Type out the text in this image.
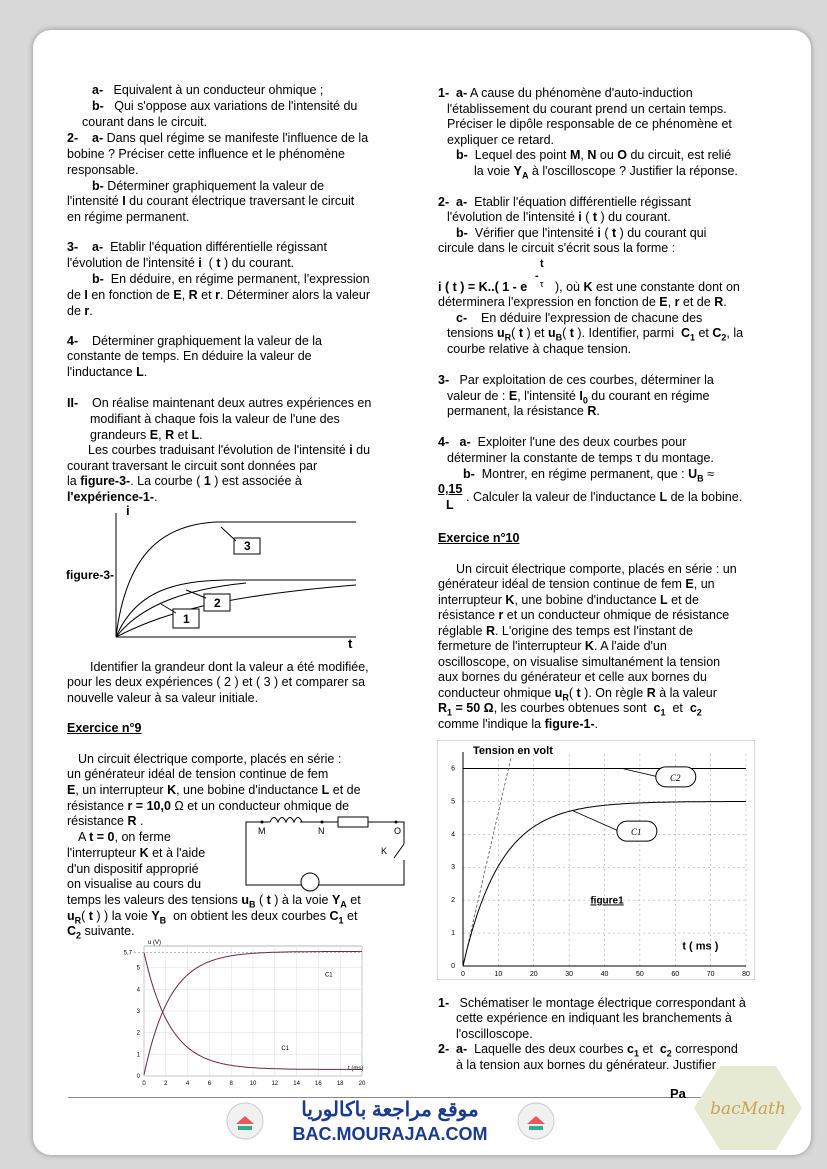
a-   Equivalent à un conducteur ohmique ;
b-   Qui s'oppose aux variations de l'intensité du
courant dans le circuit.
2-    a- Dans quel régime se manifeste l'influence de la
bobine ? Préciser cette influence et le phénomène
responsable.
b- Déterminer graphiquement la valeur de
l'intensité I du courant électrique traversant le circuit
en régime permanent.
3-    a-  Etablir l'équation différentielle régissant
l'évolution de l'intensité i  ( t ) du courant.
b-  En déduire, en régime permanent, l'expression
de I en fonction de E, R et r. Déterminer alors la valeur
de r.
4-    Déterminer graphiquement la valeur de la
constante de temps. En déduire la valeur de
l'inductance L.
II-    On réalise maintenant deux autres expériences en
modifiant à chaque fois la valeur de l'une des
grandeurs E, R et L.
Les courbes traduisant l'évolution de l'intensité i du
courant traversant le circuit sont données par
la figure-3-. La courbe ( 1 ) est associée à
l'expérience-1-.
i
t
figure-3-
3
2
1
Identifier la grandeur dont la valeur a été modifiée,
pour les deux expériences ( 2 ) et ( 3 ) et comparer sa
nouvelle valeur à sa valeur initiale.
Exercice n°9
Un circuit électrique comporte, placés en série :
un générateur idéal de tension continue de fem
E, un interrupteur K, une bobine d'inductance L et de
résistance r = 10,0 Ω et un conducteur ohmique de
résistance R .
A t = 0, on ferme
l'interrupteur K et à l'aide
d'un dispositif approprié
on visualise au cours du
temps les valeurs des tensions $u_B$ ( t ) à la voie $Y_A$ et
$u_R$( t ) ) la voie $Y_B$  on obtient les deux courbes $C_1$ et
$C_2$ suivante.
M	N	O
K
0	2	4	6	8	10	12	14	16	18	20
0
1
2
3
4
5
u (V)
t (ms)
5,7
C1
C1
1-  a- A cause du phénomène d'auto-induction
l'établissement du courant prend un certain temps.
Préciser le dipôle responsable de ce phénomène et
expliquer ce retard.
b-  Lequel des point M, N ou O du circuit, est relié
la voie $Y_A$ à l'oscilloscope ? Justifier la réponse.
2-  a-  Etablir l'équation différentielle régissant
l'évolution de l'intensité i ( t ) du courant.
b-  Vérifier que l'intensité i ( t ) du courant qui
circule dans le circuit s'écrit sous la forme :
t
-
τ
i ( t ) = K..( 1 - e ), où K est une constante dont on
déterminera l'expression en fonction de E, r et de R.
c-    En déduire l'expression de chacune des
tensions $u_R$( t ) et $u_B$( t ). Identifier, parmi  $C_1$ et $C_2$, la
courbe relative à chaque tension.
3-   Par exploitation de ces courbes, déterminer la
valeur de : E, l'intensité $I_0$ du courant en régime
permanent, la résistance R.
4-   a-  Exploiter l'une des deux courbes pour
déterminer la constante de temps τ du montage.
b-  Montrer, en régime permanent, que : $U_B$ ≈
0,15
L
. Calculer la valeur de l'inductance L de la bobine.
Exercice n°10
Un circuit électrique comporte, placés en série : un
générateur idéal de tension continue de fem E, un
interrupteur K, une bobine d'inductance L et de
résistance r et un conducteur ohmique de résistance
réglable R. L'origine des temps est l'instant de
fermeture de l'interrupteur K. A l'aide d'un
oscilloscope, on visualise simultanément la tension
aux bornes du générateur et celle aux bornes du
conducteur ohmique $u_R$( t ). On règle R à la valeur
$R_1 = 50$ Ω, les courbes obtenues sont  $c_1$  et  $c_2$
comme l'indique la figure-1-.
0	10	20	30	40	50	60	70	80
0
1
2
3
4
5
6
Tension en volt
t ( ms )
figure1
C1
C2
1-   Schématiser le montage électrique correspondant à
cette expérience en indiquant les branchements à
l'oscilloscope.
2-  a-  Laquelle des deux courbes $c_1$ et  $c_2$ correspond
à la tension aux bornes du générateur. Justifier
Pa
موقع مراجعة باكالوريا
BAC.MOURAJAA.COM
bacMath
